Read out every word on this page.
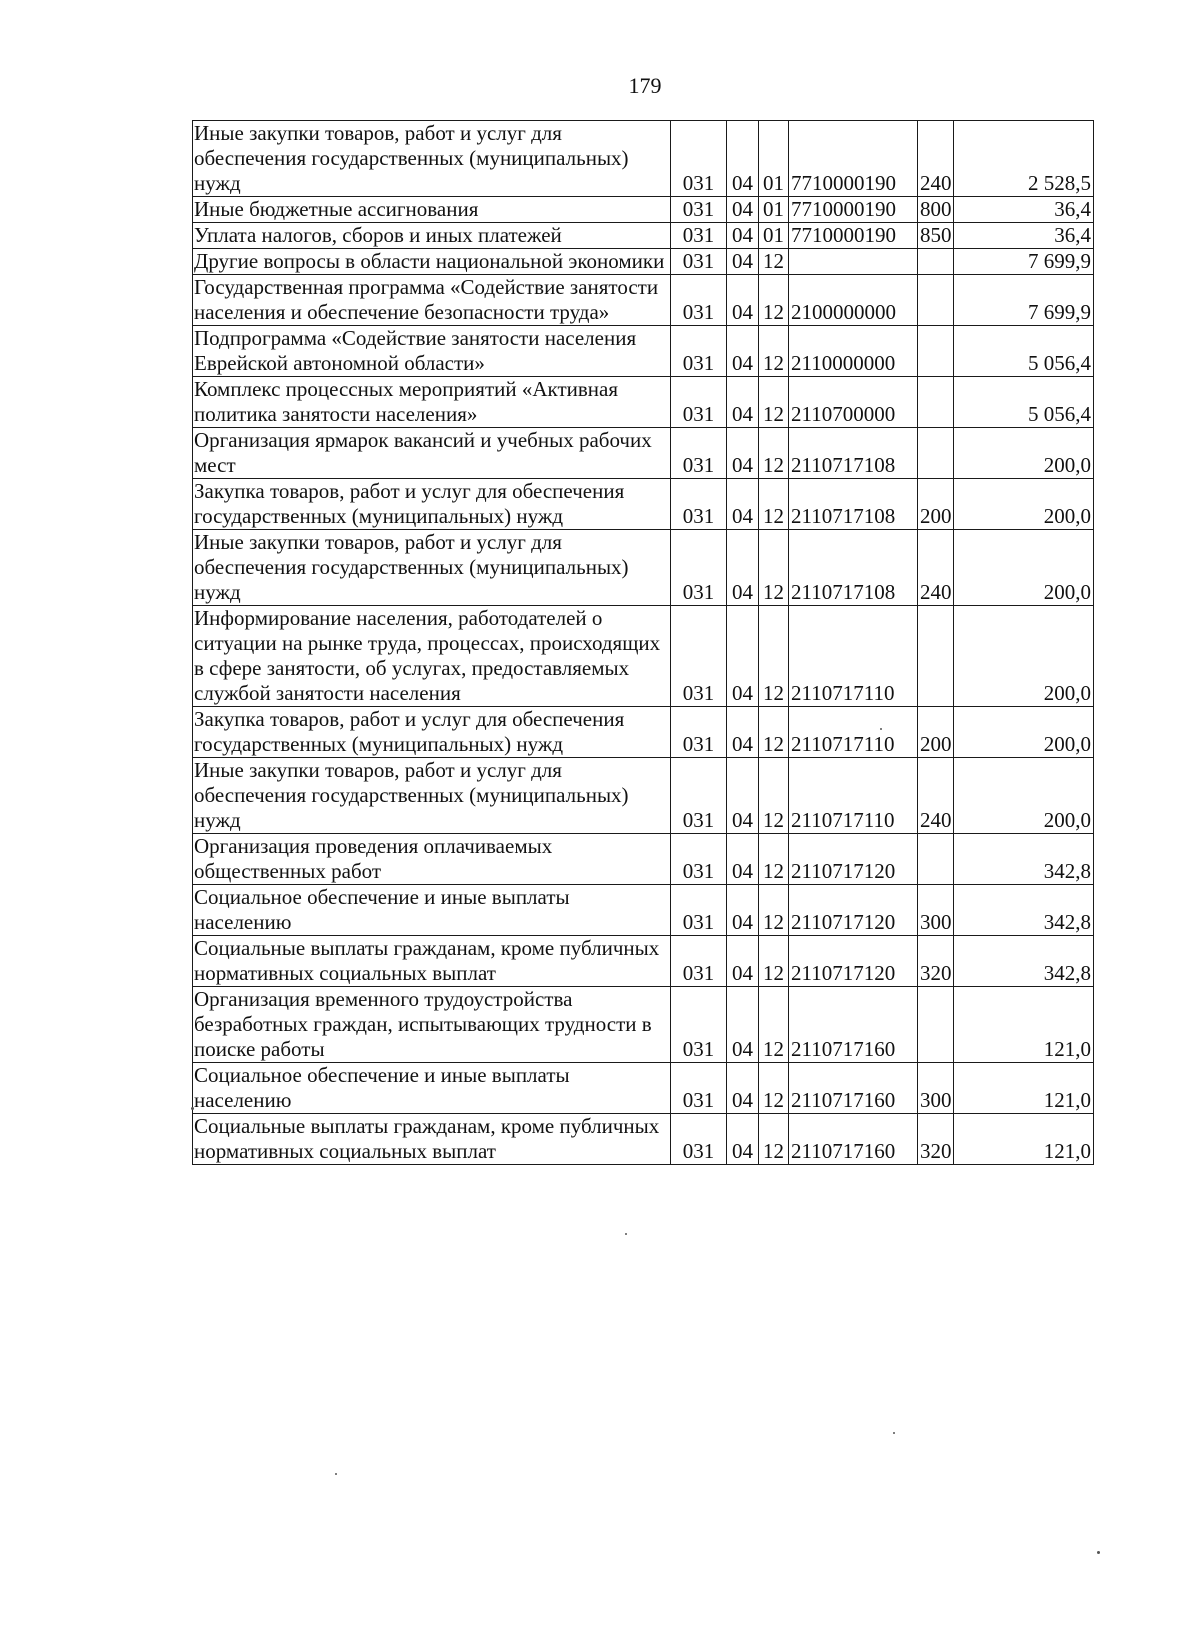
179
Иные закупки товаров, работ и услуг для обеспечения государственных (муниципальных) нужд	031	04	01	7710000190	240	2 528,5
Иные бюджетные ассигнования	031	04	01	7710000190	800	36,4
Уплата налогов, сборов и иных платежей	031	04	01	7710000190	850	36,4
Другие вопросы в области национальной экономики	031	04	12			7 699,9
Государственная программа «Содействие занятости населения и обеспечение безопасности труда»	031	04	12	2100000000		7 699,9
Подпрограмма «Содействие занятости населения Еврейской автономной области»	031	04	12	2110000000		5 056,4
Комплекс процессных мероприятий «Активная политика занятости населения»	031	04	12	2110700000		5 056,4
Организация ярмарок вакансий и учебных рабочих мест	031	04	12	2110717108		200,0
Закупка товаров, работ и услуг для обеспечения государственных (муниципальных) нужд	031	04	12	2110717108	200	200,0
Иные закупки товаров, работ и услуг для обеспечения государственных (муниципальных) нужд	031	04	12	2110717108	240	200,0
Информирование населения, работодателей о ситуации на рынке труда, процессах, происходящих в сфере занятости, об услугах, предоставляемых службой занятости населения	031	04	12	2110717110		200,0
Закупка товаров, работ и услуг для обеспечения государственных (муниципальных) нужд	031	04	12	2110717110	200	200,0
Иные закупки товаров, работ и услуг для обеспечения государственных (муниципальных) нужд	031	04	12	2110717110	240	200,0
Организация проведения оплачиваемых общественных работ	031	04	12	2110717120		342,8
Социальное обеспечение и иные выплаты населению	031	04	12	2110717120	300	342,8
Социальные выплаты гражданам, кроме публичных нормативных социальных выплат	031	04	12	2110717120	320	342,8
Организация временного трудоустройства безработных граждан, испытывающих трудности в поиске работы	031	04	12	2110717160		121,0
Социальное обеспечение и иные выплаты населению	031	04	12	2110717160	300	121,0
Социальные выплаты гражданам, кроме публичных нормативных социальных выплат	031	04	12	2110717160	320	121,0
